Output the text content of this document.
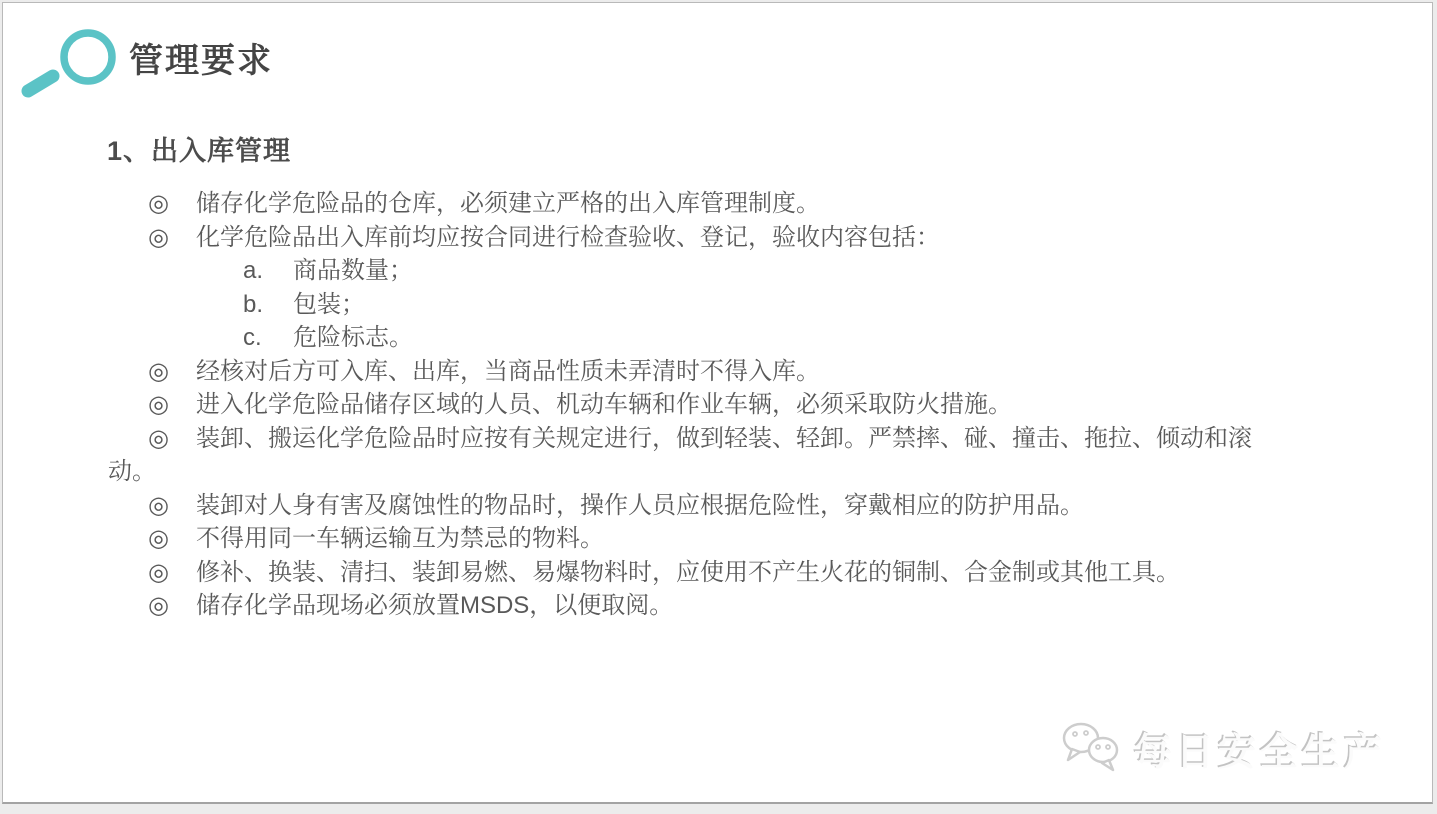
管理要求
1、出入库管理
◎ 储存化学危险品的仓库，必须建立严格的出入库管理制度。
◎ 化学危险品出入库前均应按合同进行检查验收、登记，验收内容包括：
a. 商品数量；
b. 包装；
c. 危险标志。
◎ 经核对后方可入库、出库，当商品性质未弄清时不得入库。
◎ 进入化学危险品储存区域的人员、机动车辆和作业车辆，必须采取防火措施。
◎ 装卸、搬运化学危险品时应按有关规定进行，做到轻装、轻卸。严禁摔、碰、撞击、拖拉、倾动和滚动。
◎ 装卸对人身有害及腐蚀性的物品时，操作人员应根据危险性，穿戴相应的防护用品。
◎ 不得用同一车辆运输互为禁忌的物料。
◎ 修补、换装、清扫、装卸易燃、易爆物料时，应使用不产生火花的铜制、合金制或其他工具。
◎ 储存化学品现场必须放置MSDS，以便取阅。
每日安全生产
